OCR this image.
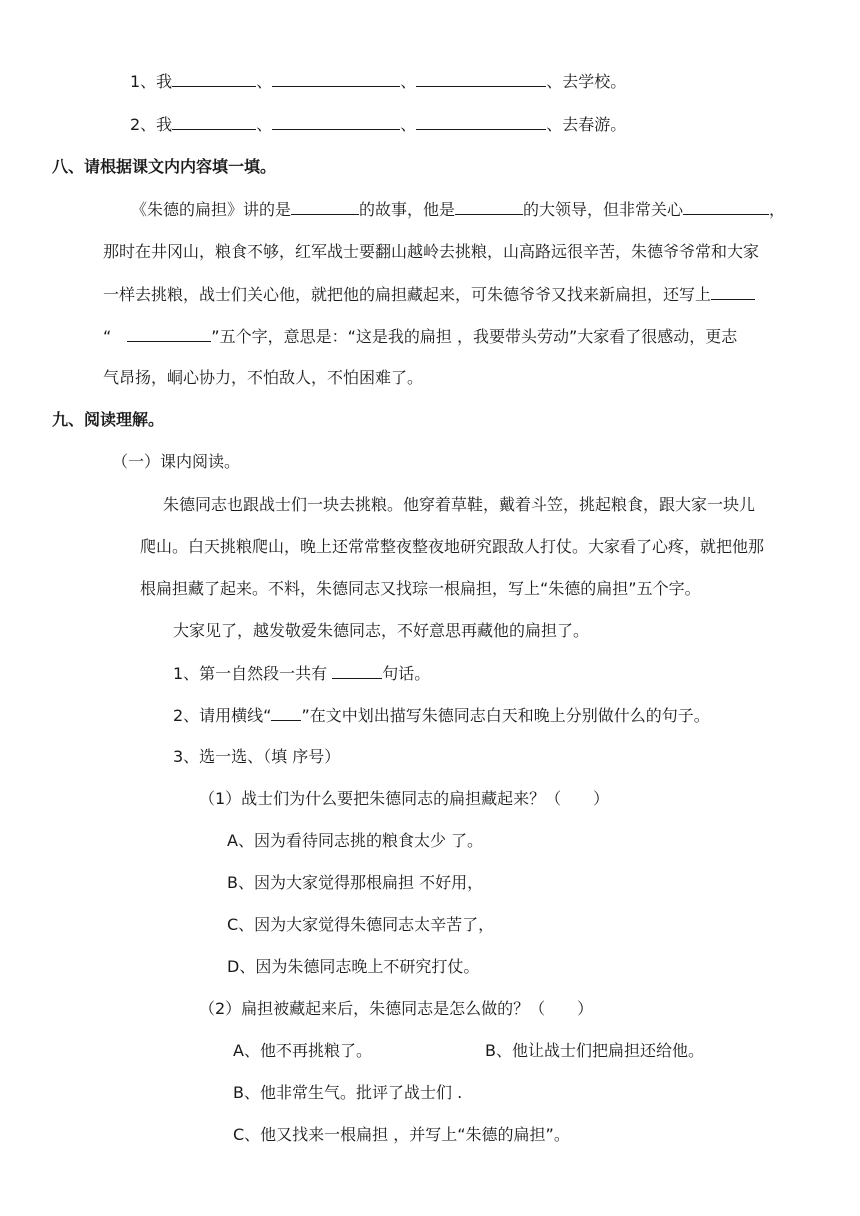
1、我	、	、	、去学校。
2、我	、	、	、去春游。
八、请根据课文内内容填一填。
《朱德的扁担》讲的是	的故事，他是	的大领导，但非常关心	，
那时在井冈山，粮食不够，红军战士要翻山越岭去挑粮，山高路远很辛苦，朱德爷爷常和大家
一样去挑粮，战士们关心他，就把他的扁担藏起来，可朱德爷爷又找来新扁担，还写上
“	”五个字，意思是：“这是我的扁担 ，我要带头劳动”大家看了很感动，更志
气昂扬，峒心协力，不怕敌人，不怕困难了。
九、阅读理解。
（一）课内阅读。
朱德同志也跟战士们一块去挑粮。他穿着草鞋，戴着斗笠，挑起粮食，跟大家一块儿
爬山。白天挑粮爬山，晚上还常常整夜整夜地研究跟敌人打仗。大家看了心疼，就把他那
根扁担藏了起来。不料，朱德同志又找琮一根扁担，写上“朱德的扁担”五个字。
大家见了，越发敬爱朱德同志，不好意思再藏他的扁担了。
1、第一自然段一共有	句话。
2、请用横线“ ”在文中划出描写朱德同志白天和晚上分别做什么的句子。
3、选一选、（填 序号）
（1）战士们为什么要把朱德同志的扁担藏起来？（　　）
A、因为看待同志挑的粮食太少 了。
B、因为大家觉得那根扁担 不好用，
C、因为大家觉得朱德同志太辛苦了，
D、因为朱德同志晚上不研究打仗。
（2）扁担被藏起来后，朱德同志是怎么做的？（　　）
A、他不再挑粮了。	B、他让战士们把扁担还给他。
B、他非常生气。批评了战士们 .
C、他又找来一根扁担 ，并写上“朱德的扁担”。
